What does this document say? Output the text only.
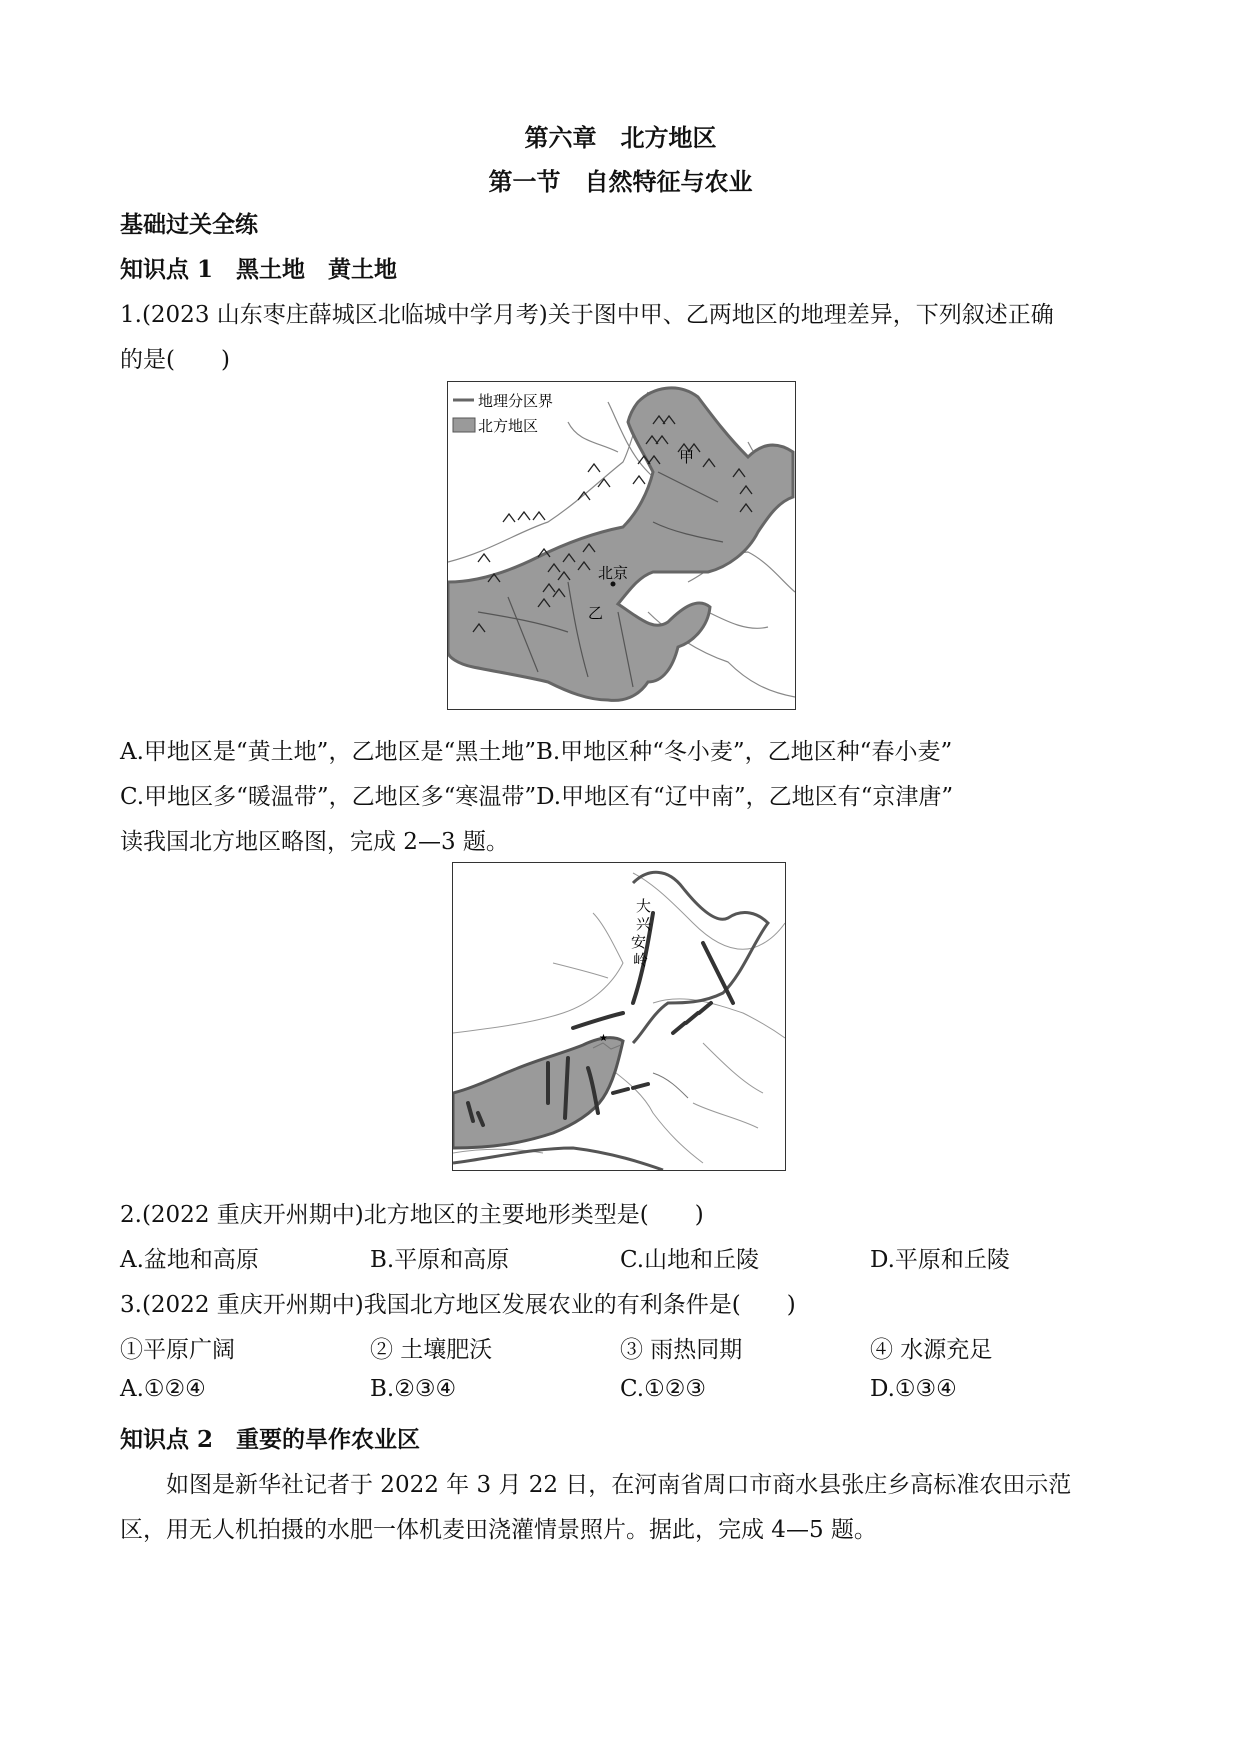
第六章　北方地区
第一节　自然特征与农业
基础过关全练
知识点 1　黑土地　黄土地
1.(2023 山东枣庄薛城区北临城中学月考)关于图中甲、乙两地区的地理差异，下列叙述正确
的是(　　)
地理分区界
北方地区
甲
北京
乙
A.甲地区是“黄土地”，乙地区是“黑土地”B.甲地区种“冬小麦”，乙地区种“春小麦”
C.甲地区多“暖温带”，乙地区多“寒温带”D.甲地区有“辽中南”，乙地区有“京津唐”
读我国北方地区略图，完成 2—3 题。
大
兴
安
岭
★
2.(2022 重庆开州期中)北方地区的主要地形类型是(　　)
A.盆地和高原	B.平原和高原	C.山地和丘陵	D.平原和丘陵
3.(2022 重庆开州期中)我国北方地区发展农业的有利条件是(　　)
①平原广阔	② 土壤肥沃	③ 雨热同期	④ 水源充足
A.①②④	B.②③④	C.①②③	D.①③④
知识点 2　重要的旱作农业区
如图是新华社记者于 2022 年 3 月 22 日，在河南省周口市商水县张庄乡高标准农田示范
区，用无人机拍摄的水肥一体机麦田浇灌情景照片。据此，完成 4—5 题。
